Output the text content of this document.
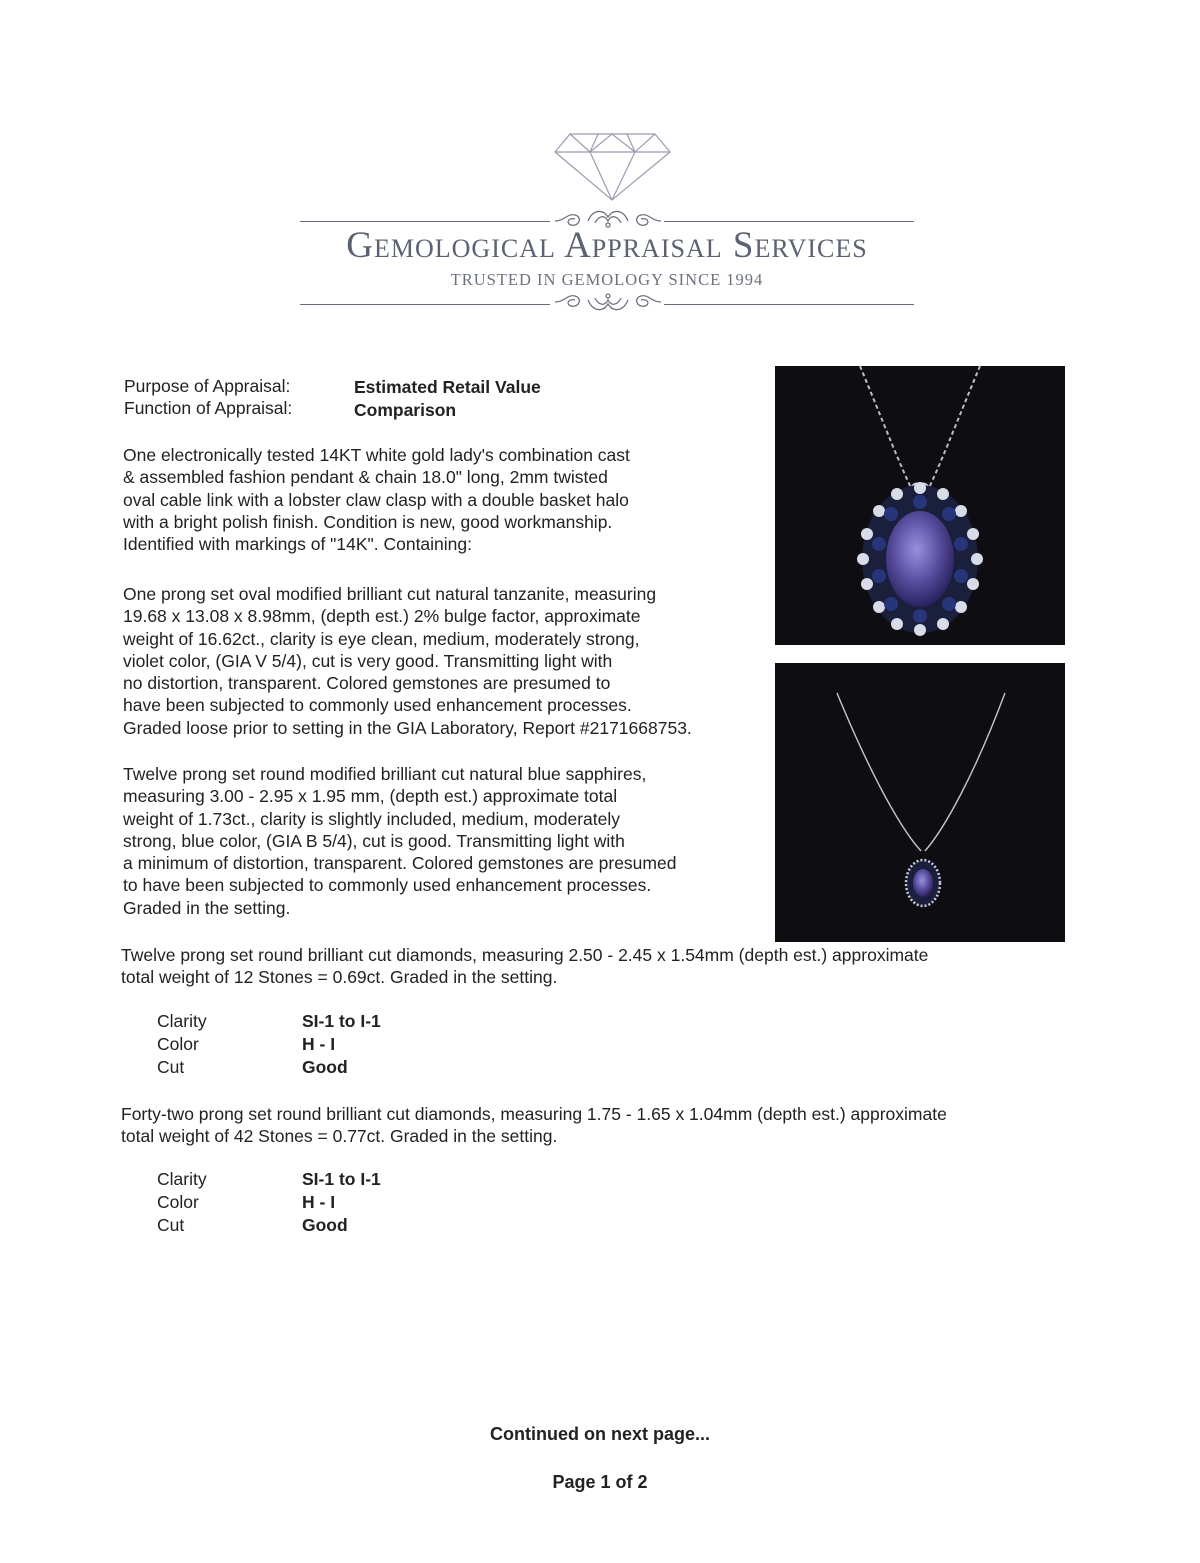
Gemological Appraisal Services
TRUSTED IN GEMOLOGY SINCE 1994
Purpose of Appraisal:	Estimated Retail Value
Function of Appraisal:	Comparison
One electronically tested 14KT white gold lady's combination cast
& assembled fashion pendant & chain 18.0" long, 2mm twisted
oval cable link with a lobster claw clasp with a double basket halo
with a bright polish finish. Condition is new, good workmanship.
Identified with markings of "14K". Containing:
One prong set oval modified brilliant cut natural tanzanite, measuring
19.68 x 13.08 x 8.98mm, (depth est.) 2% bulge factor, approximate
weight of 16.62ct., clarity is eye clean, medium, moderately strong,
violet color, (GIA V 5/4), cut is very good. Transmitting light with
no distortion, transparent. Colored gemstones are presumed to
have been subjected to commonly used enhancement processes.
Graded loose prior to setting in the GIA Laboratory, Report #2171668753.
Twelve prong set round modified brilliant cut natural blue sapphires,
measuring 3.00 - 2.95 x 1.95 mm, (depth est.) approximate total
weight of 1.73ct., clarity is slightly included, medium, moderately
strong, blue color, (GIA B 5/4), cut is good. Transmitting light with
a minimum of distortion, transparent. Colored gemstones are presumed
to have been subjected to commonly used enhancement processes.
Graded in the setting.
Twelve prong set round brilliant cut diamonds, measuring 2.50 - 2.45 x 1.54mm (depth est.) approximate
total weight of 12 Stones = 0.69ct. Graded in the setting.
Clarity
Color
Cut
SI-1 to I-1
H - I
Good
Forty-two prong set round brilliant cut diamonds, measuring 1.75 - 1.65 x 1.04mm (depth est.) approximate
total weight of 42 Stones = 0.77ct. Graded in the setting.
Clarity
Color
Cut
SI-1 to I-1
H - I
Good
Continued on next page...
Page 1 of 2
